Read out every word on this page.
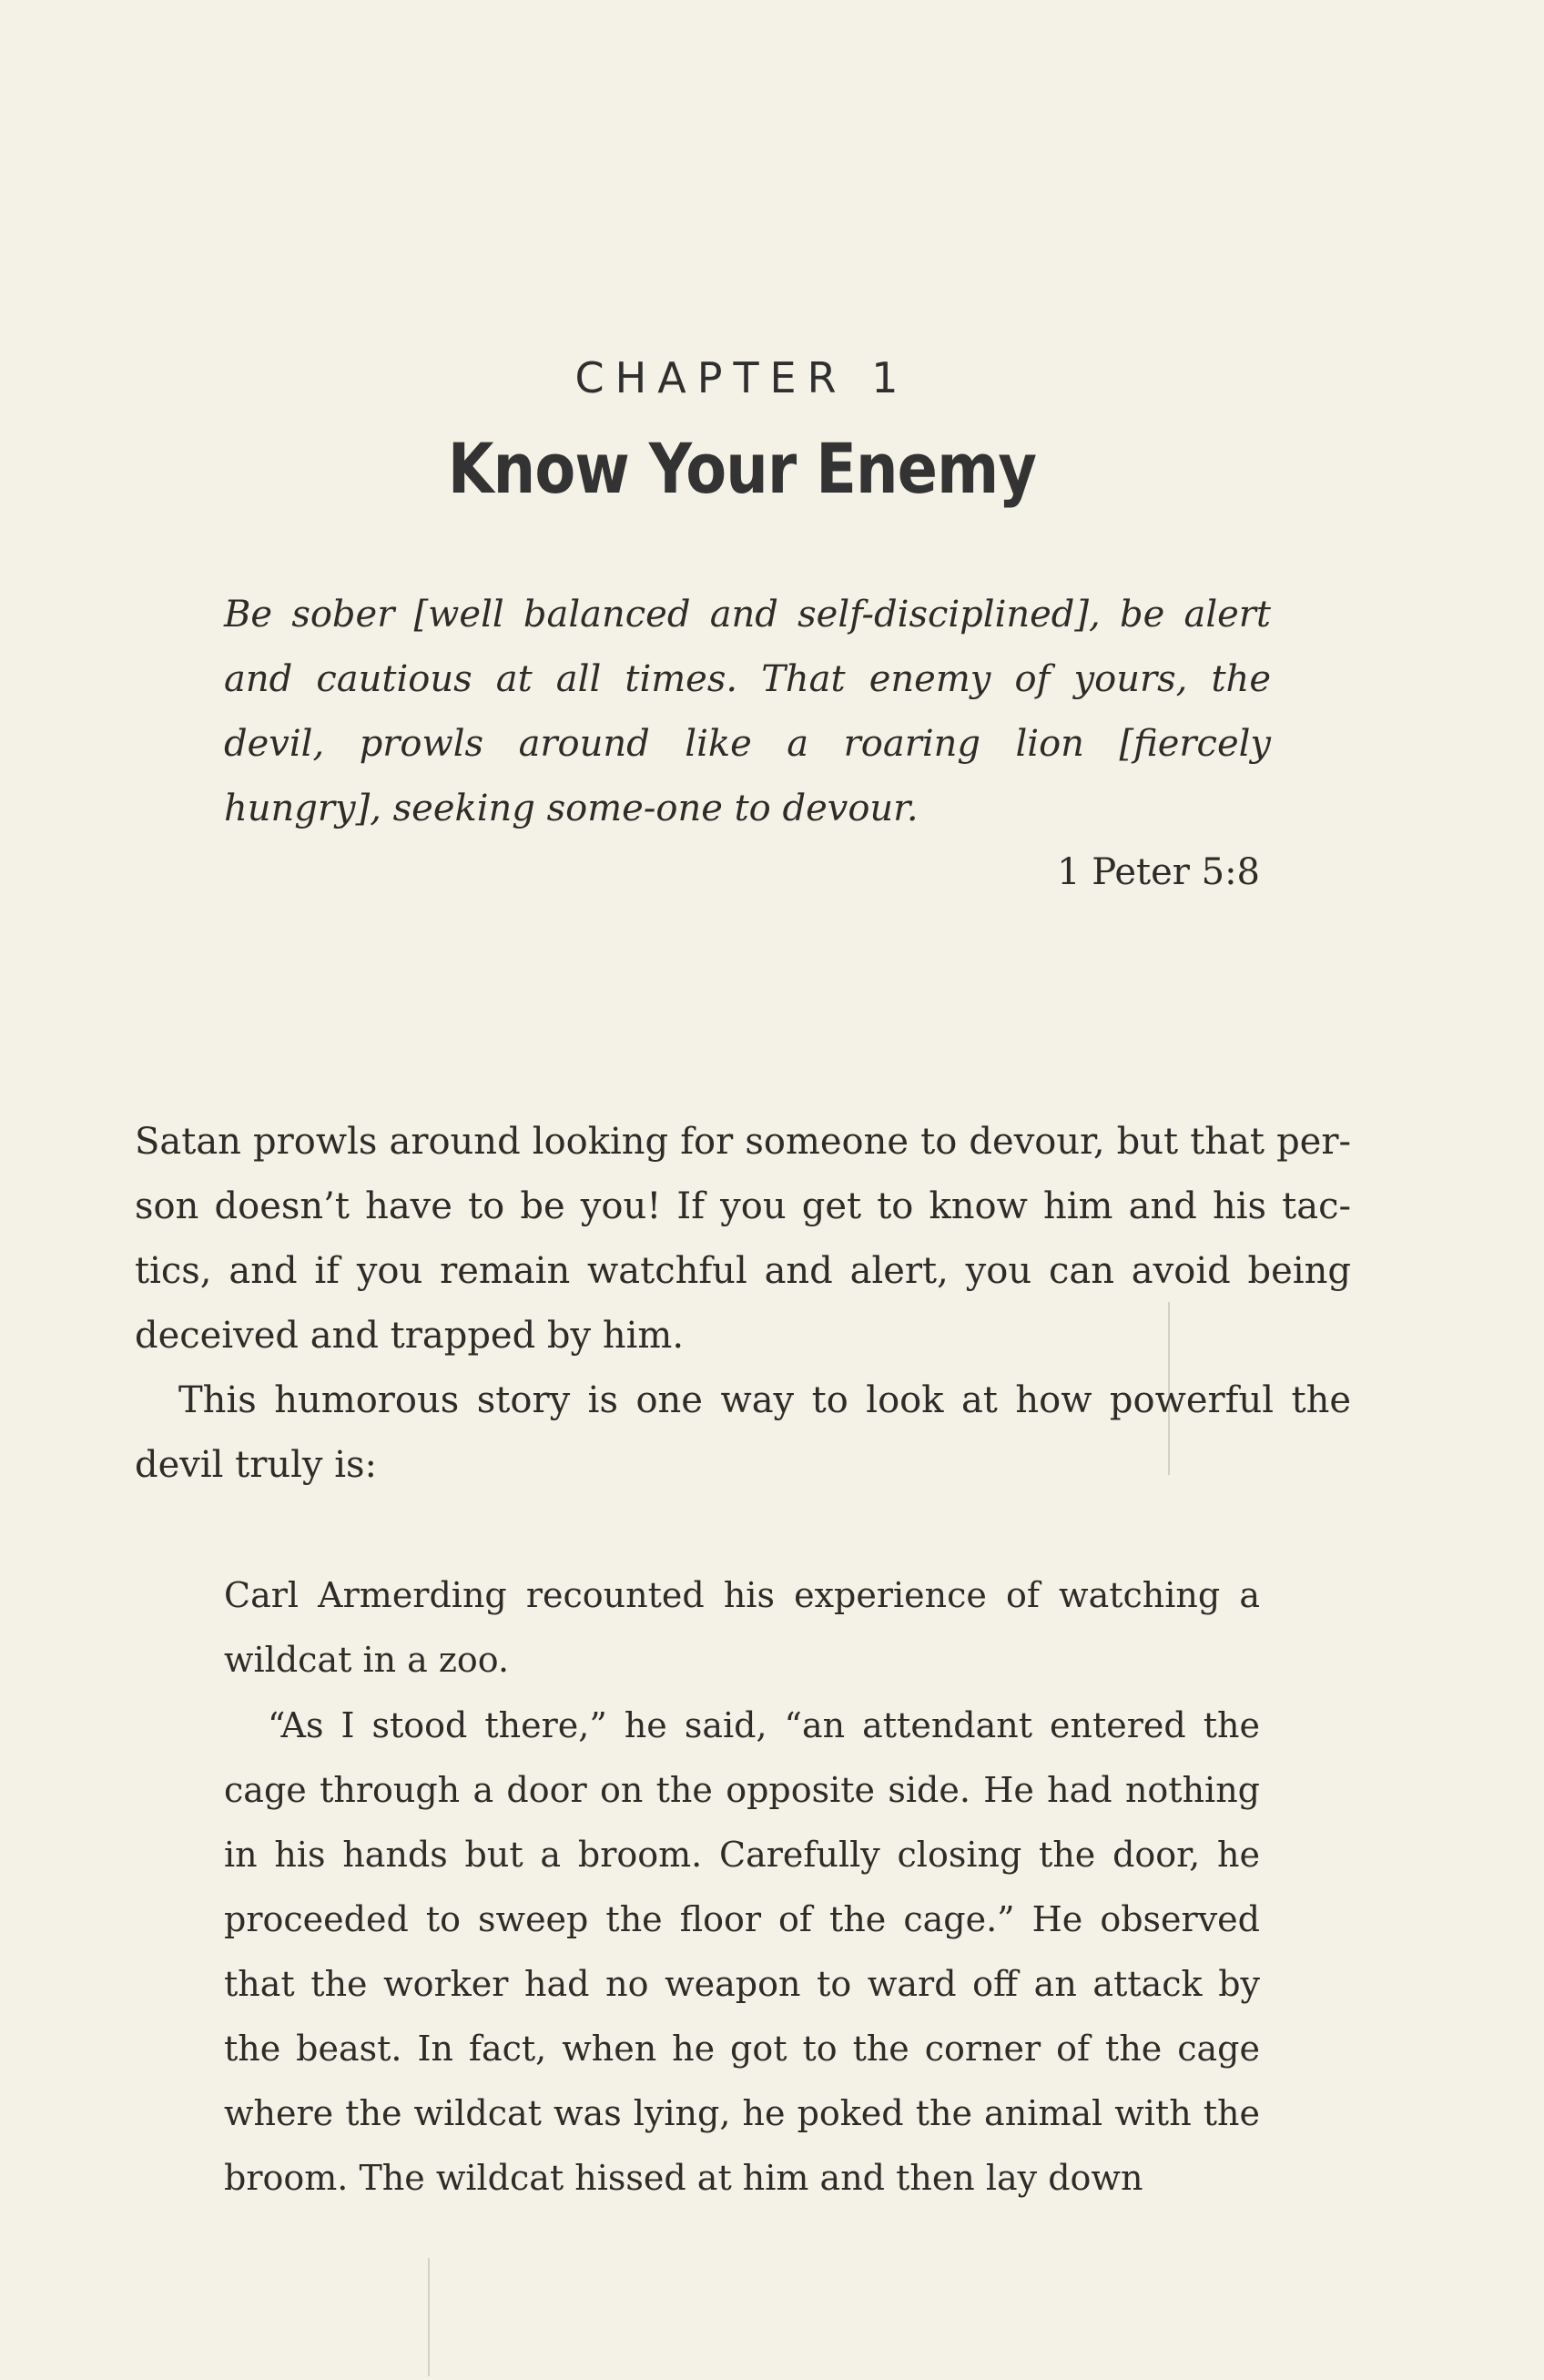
CHAPTER 1
Know Your Enemy

Be sober [well balanced and self-disciplined], be alert and cautious at all times. That enemy of yours, the devil, prowls around like a roaring lion [fiercely hungry], seeking some-one to devour.

1 Peter 5:8

Satan prowls around looking for someone to devour, but that per-son doesn’t have to be you! If you get to know him and his tac-tics, and if you remain watchful and alert, you can avoid being deceived and trapped by him.

This humorous story is one way to look at how powerful the devil truly is:

Carl Armerding recounted his experience of watching a wildcat in a zoo.

“As I stood there,” he said, “an attendant entered the cage through a door on the opposite side. He had nothing in his hands but a broom. Carefully closing the door, he proceeded to sweep the floor of the cage.” He observed that the worker had no weapon to ward off an attack by the beast. In fact, when he got to the corner of the cage where the wildcat was lying, he poked the animal with the broom. The wildcat hissed at him and then lay down
